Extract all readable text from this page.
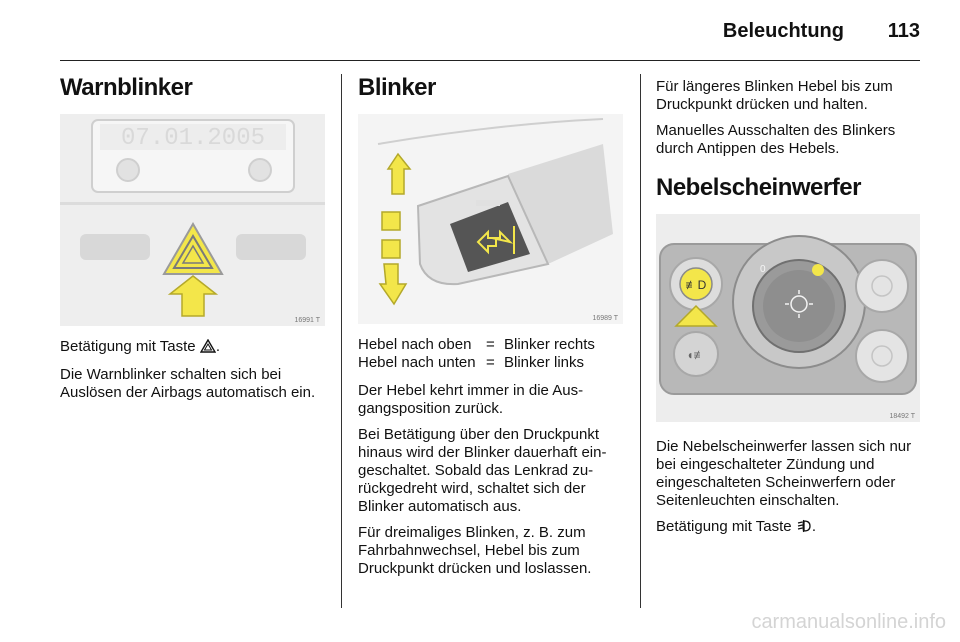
Beleuchtung 113
Warnblinker
07.01.2005
16991 T

Betätigung mit Taste .

Die Warnblinker schalten sich bei Auslösen der Airbags automatisch ein.

Blinker
16989 T
Hebel nach oben = Blinker rechts
Hebel nach unten = Blinker links

Der Hebel kehrt immer in die Aus-gangsposition zurück.

Bei Betätigung über den Druckpunkt hinaus wird der Blinker dauerhaft ein-geschaltet. Sobald das Lenkrad zu-rückgedreht wird, schaltet sich der Blinker automatisch aus.

Für dreimaliges Blinken, z. B. zum Fahrbahnwechsel, Hebel bis zum Druckpunkt drücken und loslassen.

Für längeres Blinken Hebel bis zum Druckpunkt drücken und halten.

Manuelles Ausschalten des Blinkers durch Antippen des Hebels.

Nebelscheinwerfer
≢D
◖≢
0
18492 T

Die Nebelscheinwerfer lassen sich nur bei eingeschalteter Zündung und eingeschalteten Scheinwerfern oder Seitenleuchten einschalten.

Betätigung mit Taste .

carmanualsonline.info
